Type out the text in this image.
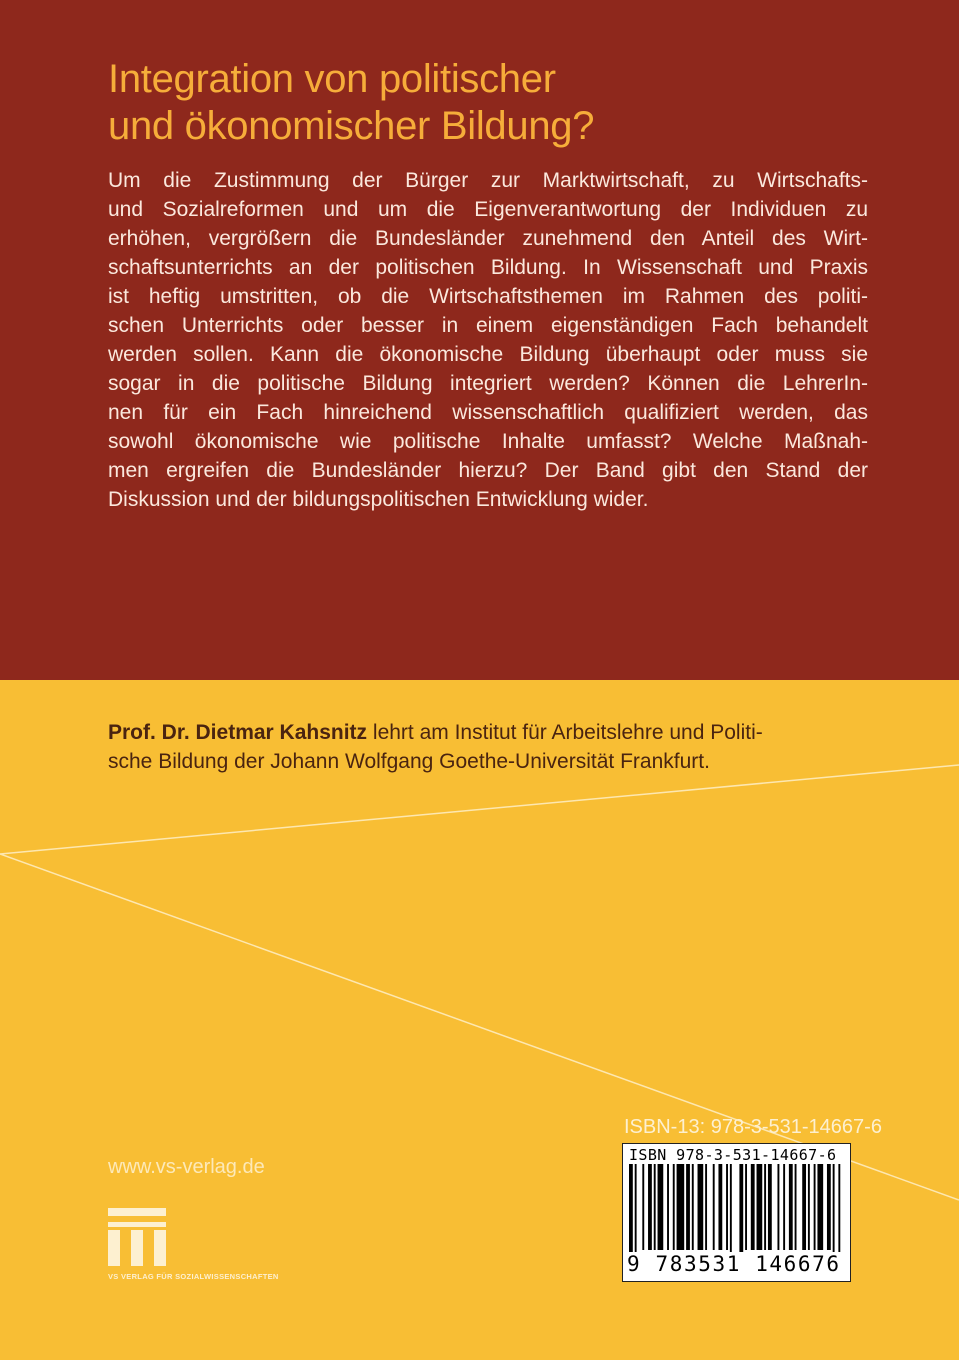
Integration von politischer
und ökonomischer Bildung?
Um die Zustimmung der Bürger zur Marktwirtschaft, zu Wirtschafts-
und Sozialreformen und um die Eigenverantwortung der Individuen zu
erhöhen, vergrößern die Bundesländer zunehmend den Anteil des Wirt-
schaftsunterrichts an der politischen Bildung. In Wissenschaft und Praxis
ist heftig umstritten, ob die Wirtschaftsthemen im Rahmen des politi-
schen Unterrichts oder besser in einem eigenständigen Fach behandelt
werden sollen. Kann die ökonomische Bildung überhaupt oder muss sie
sogar in die politische Bildung integriert werden? Können die LehrerIn-
nen für ein Fach hinreichend wissenschaftlich qualifiziert werden, das
sowohl ökonomische wie politische Inhalte umfasst? Welche Maßnah-
men ergreifen die Bundesländer hierzu? Der Band gibt den Stand der
Diskussion und der bildungspolitischen Entwicklung wider.
Prof. Dr. Dietmar Kahsnitz lehrt am Institut für Arbeitslehre und Politi-
sche Bildung der Johann Wolfgang Goethe-Universität Frankfurt.
www.vs-verlag.de
VS VERLAG FÜR SOZIALWISSENSCHAFTEN
ISBN-13: 978-3-531-14667-6
ISBN 978-3-531-14667-6
9 783531 146676
